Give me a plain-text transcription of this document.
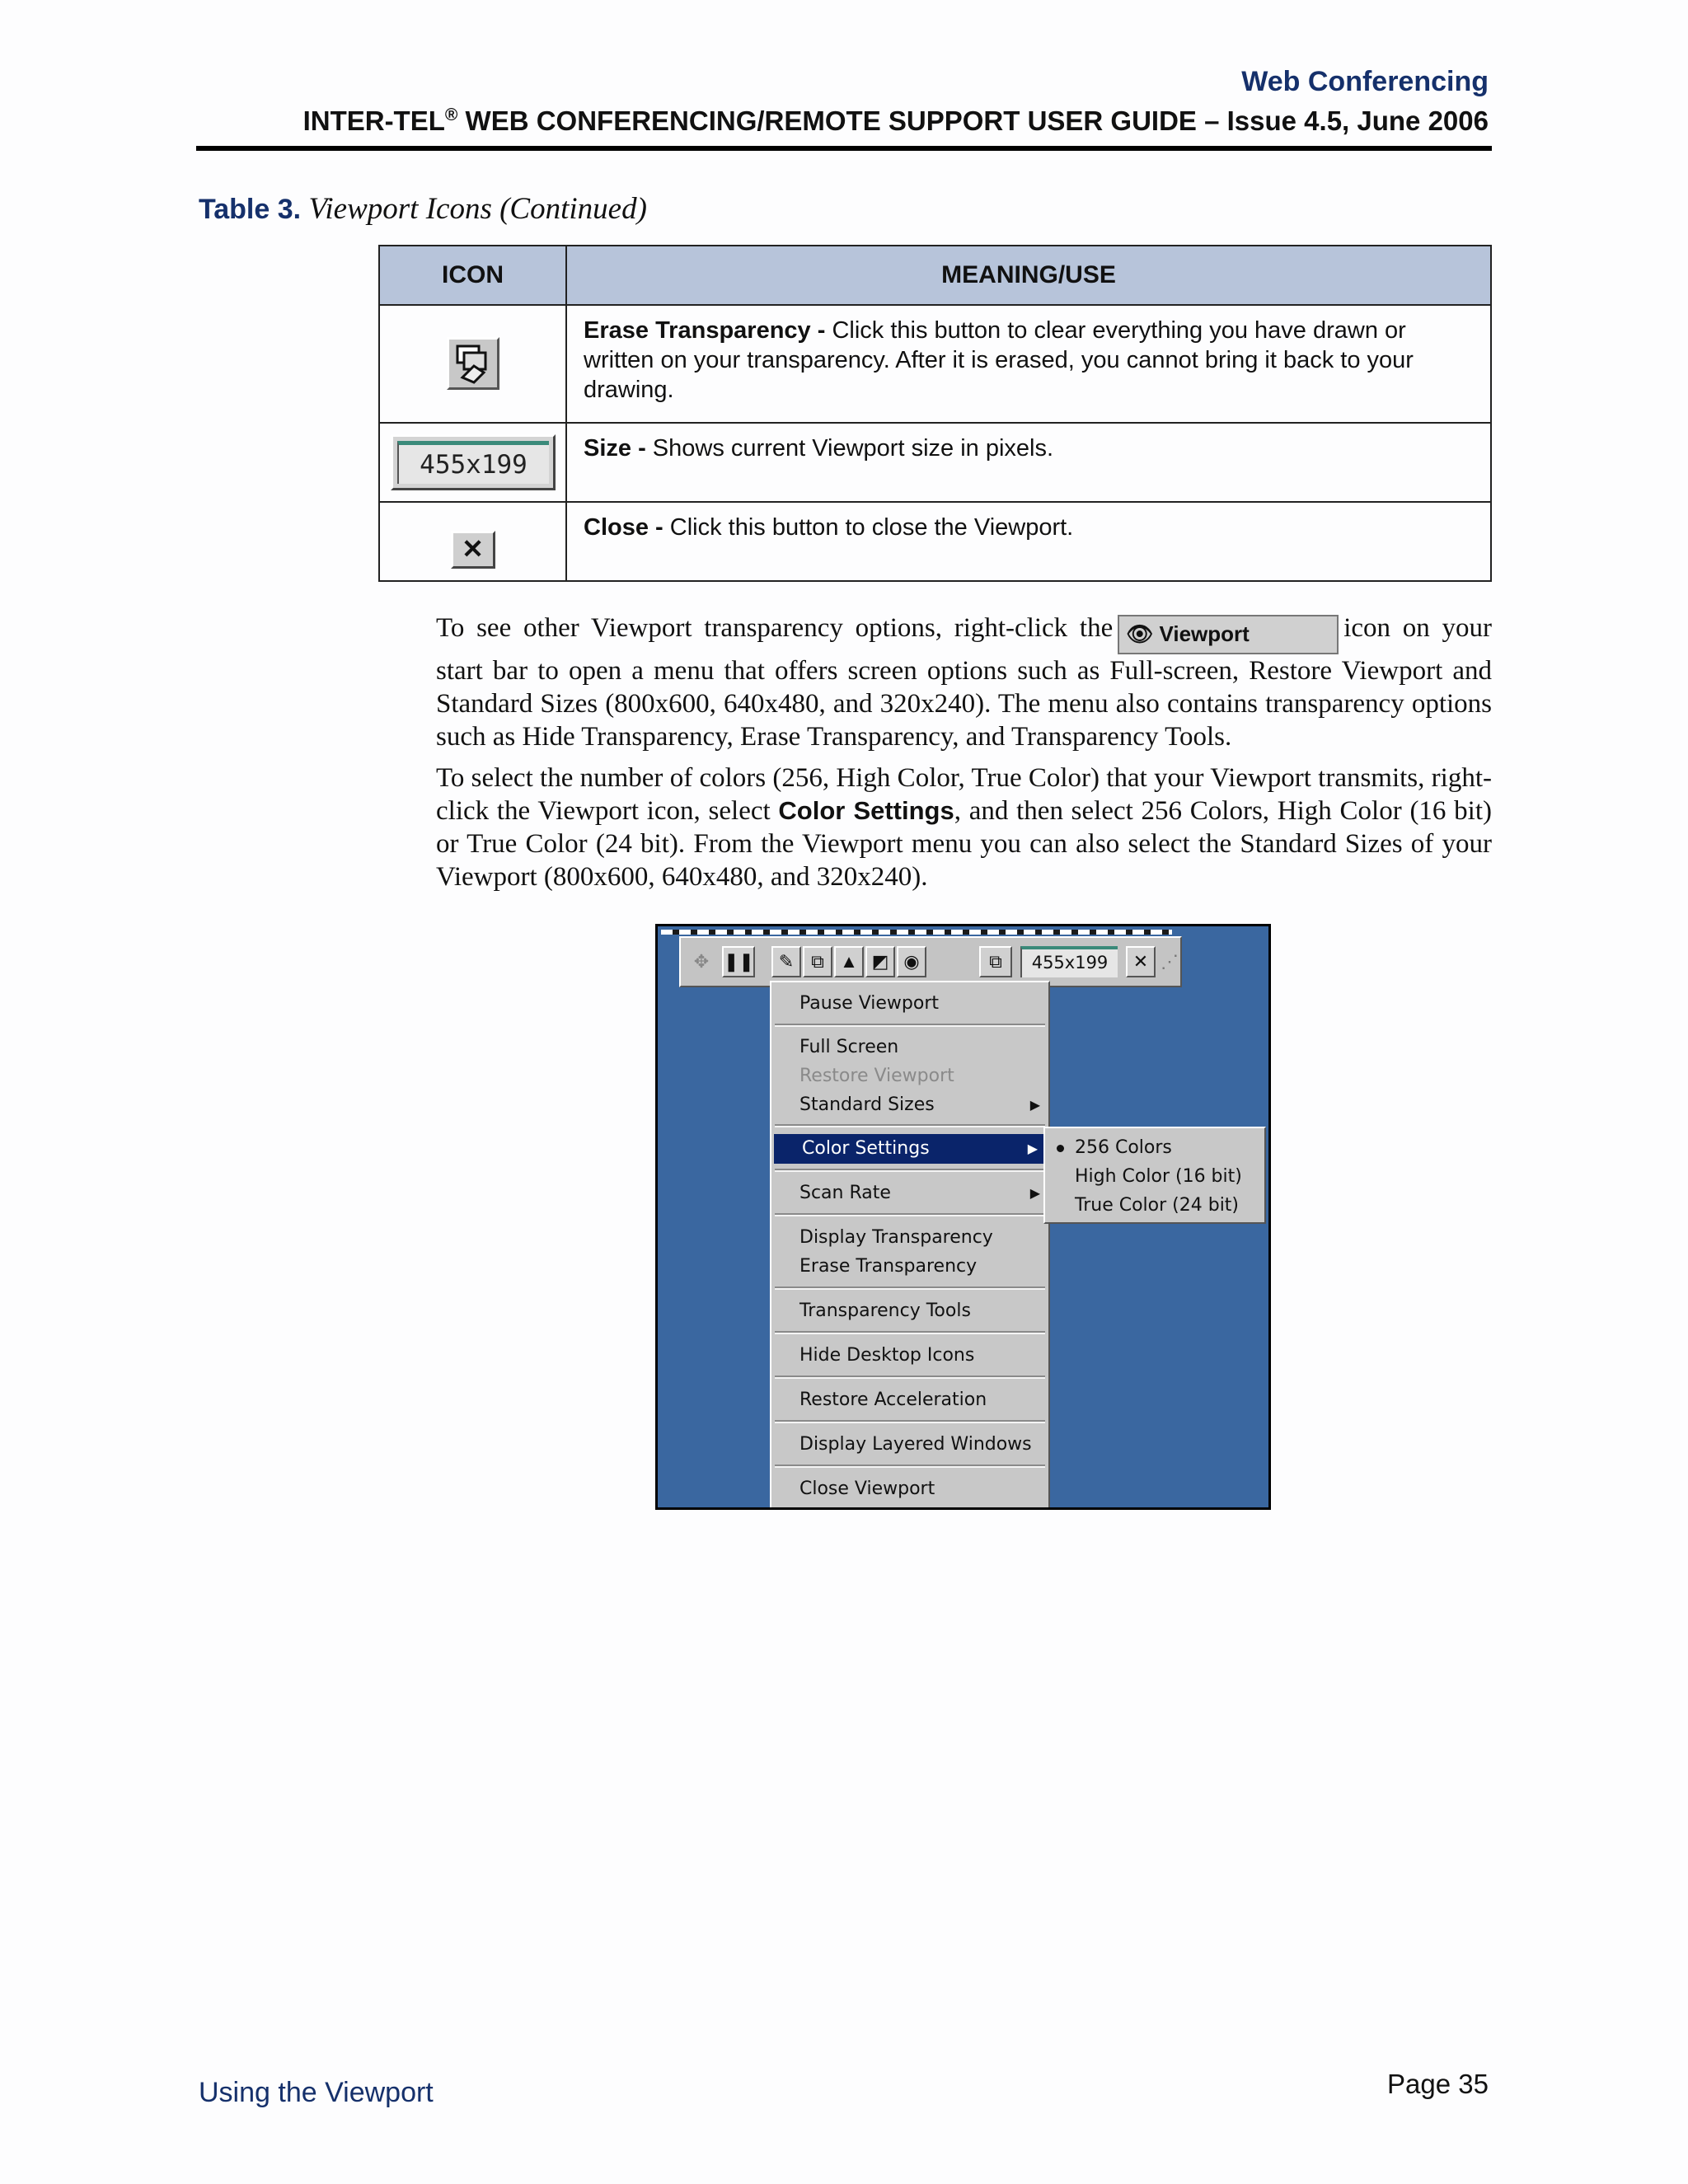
Web Conferencing
INTER-TEL® WEB CONFERENCING/REMOTE SUPPORT USER GUIDE – Issue 4.5, June 2006
Table 3. Viewport Icons (Continued)
ICON	MEANING/USE
	Erase Transparency - Click this button to clear everything you have drawn or written on your transparency. After it is erased, you cannot bring it back to your drawing.

455x199	Size - Shows current Viewport size in pixels.
✕	Close - Click this button to close the Viewport.
To see other Viewport transparency options, right-click the 👁 Viewport	icon on your start bar to open a menu that offers screen options such as Full-screen, Restore Viewport and Standard Sizes (800x600, 640x480, and 320x240). The menu also contains transparency options such as Hide Transparency, Erase Transparency, and Transparency Tools.
To select the number of colors (256, High Color, True Color) that your Viewport transmits, right-click the Viewport icon, select Color Settings, and then select 256 Colors, High Color (16 bit) or True Color (24 bit). From the Viewport menu you can also select the Standard Sizes of your Viewport (800x600, 640x480, and 320x240).
✥ ❚❚	✎ ⧉ ▲ ◩ ◉	⧉	455x199	✕ ⋰
Pause Viewport
Full Screen
Restore Viewport
Standard Sizes	▶
Color Settings	▶
Scan Rate	▶
Display Transparency
Erase Transparency
Transparency Tools
Hide Desktop Icons
Restore Acceleration
Display Layered Windows
Close Viewport
256 Colors
High Color (16 bit)
True Color (24 bit)
Using the Viewport	Page 35
